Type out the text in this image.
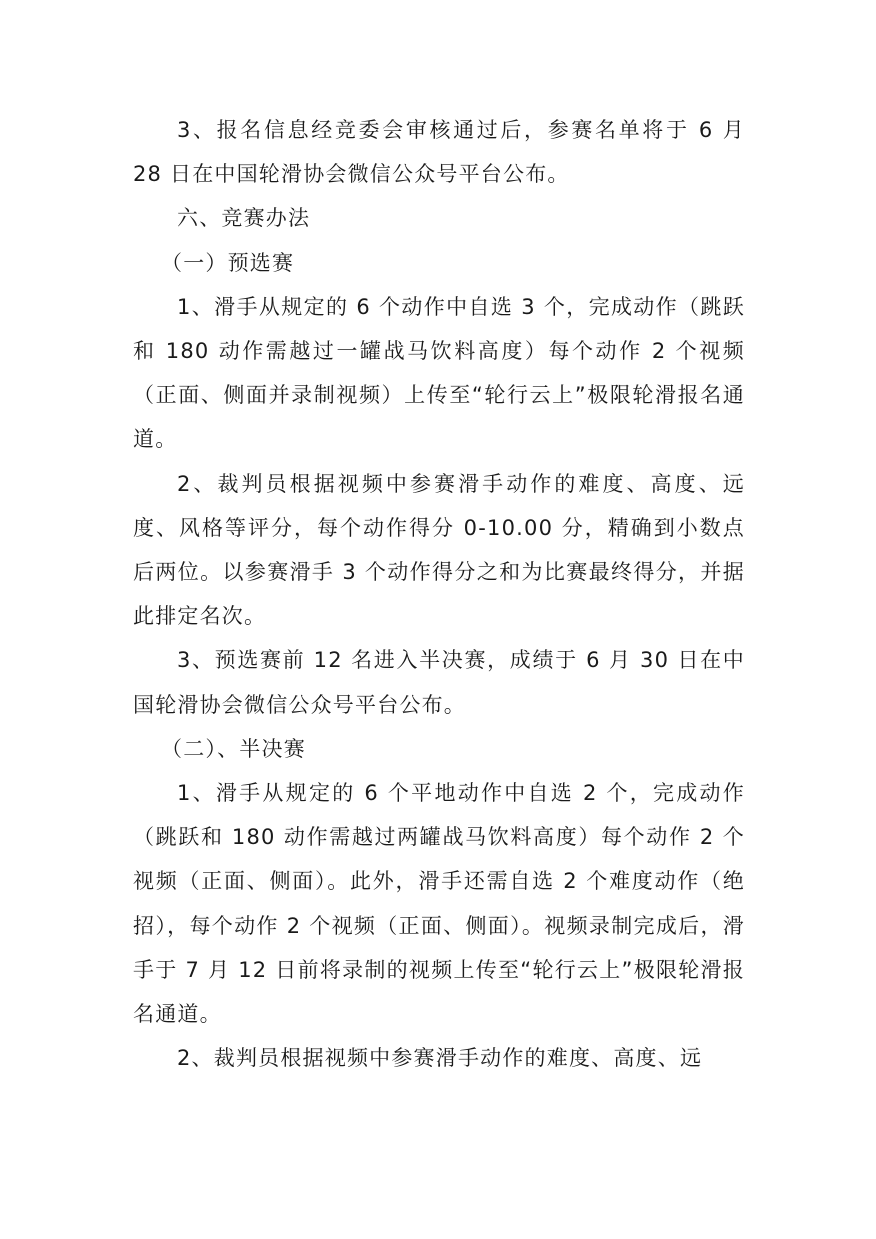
3、报名信息经竞委会审核通过后，参赛名单将于 6 月 28 日在中国轮滑协会微信公众号平台公布。

六、竞赛办法

（一）预选赛

1、滑手从规定的 6 个动作中自选 3 个，完成动作（跳跃和 180 动作需越过一罐战马饮料高度）每个动作 2 个视频（正面、侧面并录制视频）上传至“轮行云上”极限轮滑报名通道。

2、裁判员根据视频中参赛滑手动作的难度、高度、远度、风格等评分，每个动作得分 0-10.00 分，精确到小数点后两位。以参赛滑手 3 个动作得分之和为比赛最终得分，并据此排定名次。

3、预选赛前 12 名进入半决赛，成绩于 6 月 30 日在中国轮滑协会微信公众号平台公布。

（二）、半决赛

1、滑手从规定的 6 个平地动作中自选 2 个，完成动作（跳跃和 180 动作需越过两罐战马饮料高度）每个动作 2 个视频（正面、侧面）。此外，滑手还需自选 2 个难度动作（绝招），每个动作 2 个视频（正面、侧面）。视频录制完成后，滑手于 7 月 12 日前将录制的视频上传至“轮行云上”极限轮滑报名通道。

2、裁判员根据视频中参赛滑手动作的难度、高度、远
